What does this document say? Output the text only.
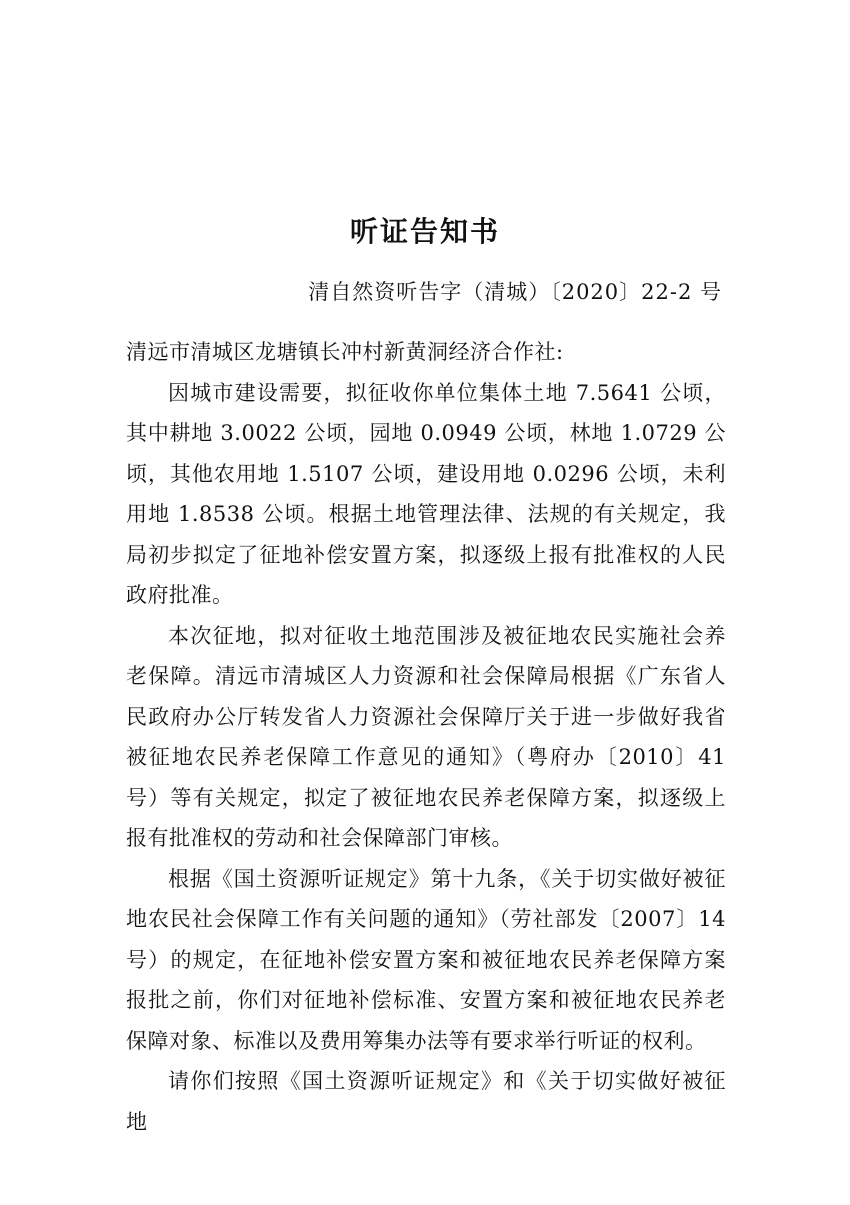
听证告知书
清自然资听告字（清城）〔2020〕22-2 号

清远市清城区龙塘镇长冲村新黄洞经济合作社:

因城市建设需要，拟征收你单位集体土地 7.5641 公顷，其中耕地 3.0022 公顷，园地 0.0949 公顷，林地 1.0729 公顷，其他农用地 1.5107 公顷，建设用地 0.0296 公顷，未利用地 1.8538 公顷。根据土地管理法律、法规的有关规定，我局初步拟定了征地补偿安置方案，拟逐级上报有批准权的人民政府批准。

本次征地，拟对征收土地范围涉及被征地农民实施社会养老保障。清远市清城区人力资源和社会保障局根据《广东省人民政府办公厅转发省人力资源社会保障厅关于进一步做好我省被征地农民养老保障工作意见的通知》（粤府办〔2010〕41 号）等有关规定，拟定了被征地农民养老保障方案，拟逐级上报有批准权的劳动和社会保障部门审核。

根据《国土资源听证规定》第十九条，《关于切实做好被征地农民社会保障工作有关问题的通知》（劳社部发〔2007〕14 号）的规定，在征地补偿安置方案和被征地农民养老保障方案报批之前，你们对征地补偿标准、安置方案和被征地农民养老保障对象、标准以及费用筹集办法等有要求举行听证的权利。

请你们按照《国土资源听证规定》和《关于切实做好被征地
